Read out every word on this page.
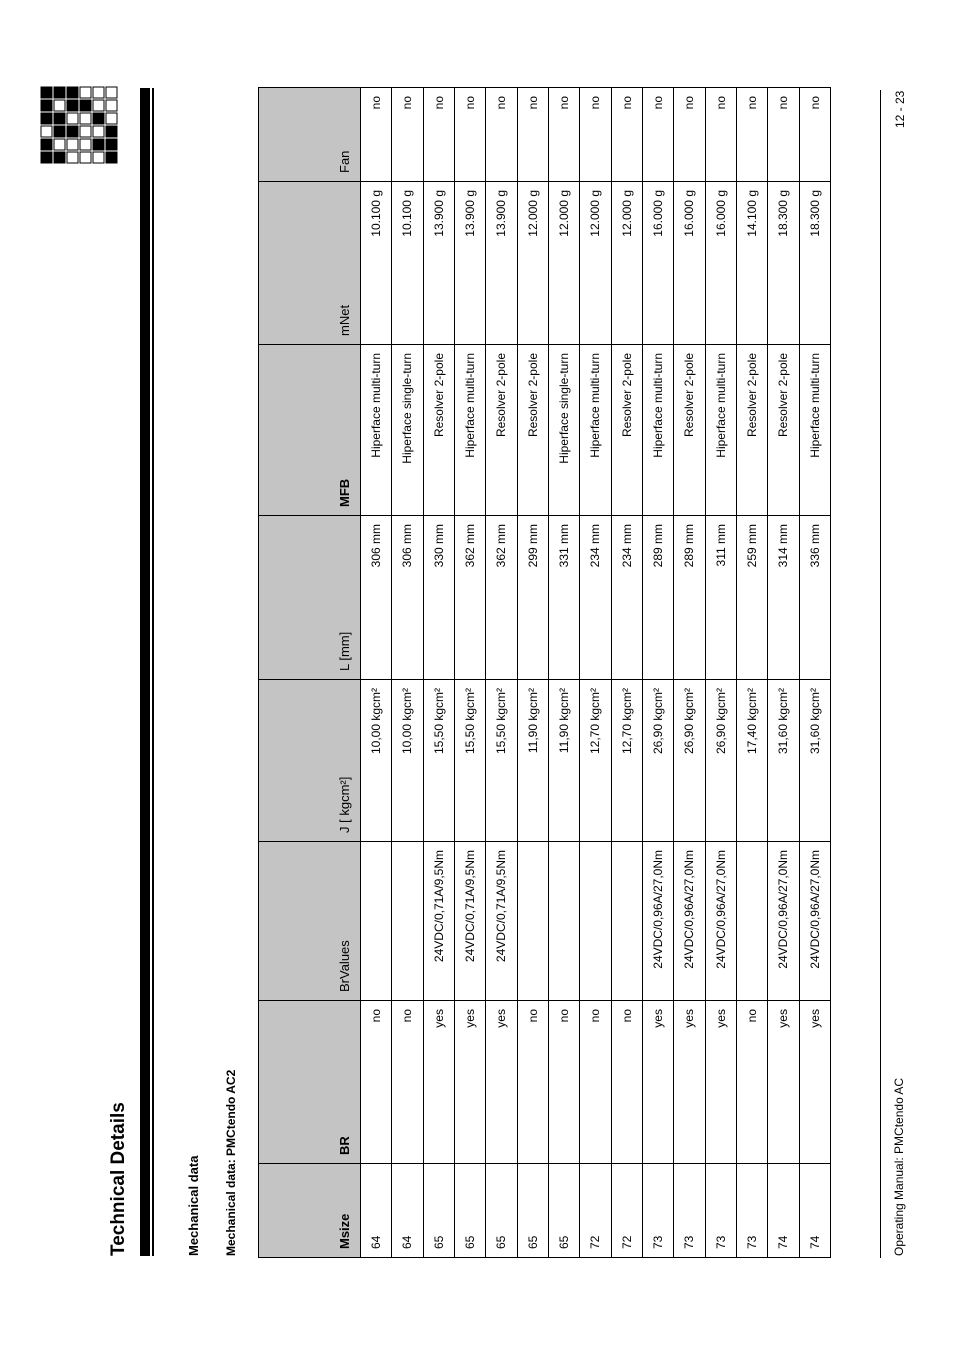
Technical Details	Mechanical data Mechanical data: PMCtendo AC2	Msize	BR	BrValues	J [ kgcm²]	L [mm]	MFB	mNet	Fan
64	no		10,00 kgcm²	306 mm	Hiperface multi-turn	10.100 g	no
64	no		10,00 kgcm²	306 mm	Hiperface single-turn	10.100 g	no
65	yes	24VDC/0,71A/9,5Nm	15,50 kgcm²	330 mm	Resolver 2-pole	13.900 g	no
65	yes	24VDC/0,71A/9,5Nm	15,50 kgcm²	362 mm	Hiperface multi-turn	13.900 g	no
65	yes	24VDC/0,71A/9,5Nm	15,50 kgcm²	362 mm	Resolver 2-pole	13.900 g	no
65	no		11,90 kgcm²	299 mm	Resolver 2-pole	12.000 g	no
65	no		11,90 kgcm²	331 mm	Hiperface single-turn	12.000 g	no
72	no		12,70 kgcm²	234 mm	Hiperface multi-turn	12.000 g	no
72	no		12,70 kgcm²	234 mm	Resolver 2-pole	12.000 g	no
73	yes	24VDC/0,96A/27,0Nm	26,90 kgcm²	289 mm	Hiperface multi-turn	16.000 g	no
73	yes	24VDC/0,96A/27,0Nm	26,90 kgcm²	289 mm	Resolver 2-pole	16.000 g	no
73	yes	24VDC/0,96A/27,0Nm	26,90 kgcm²	311 mm	Hiperface multi-turn	16.000 g	no
73	no		17,40 kgcm²	259 mm	Resolver 2-pole	14.100 g	no
74	yes	24VDC/0,96A/27,0Nm	31,60 kgcm²	314 mm	Resolver 2-pole	18.300 g	no
74	yes	24VDC/0,96A/27,0Nm	31,60 kgcm²	336 mm	Hiperface multi-turn	18.300 g	no
Operating Manual: PMCtendo AC
12 - 23
